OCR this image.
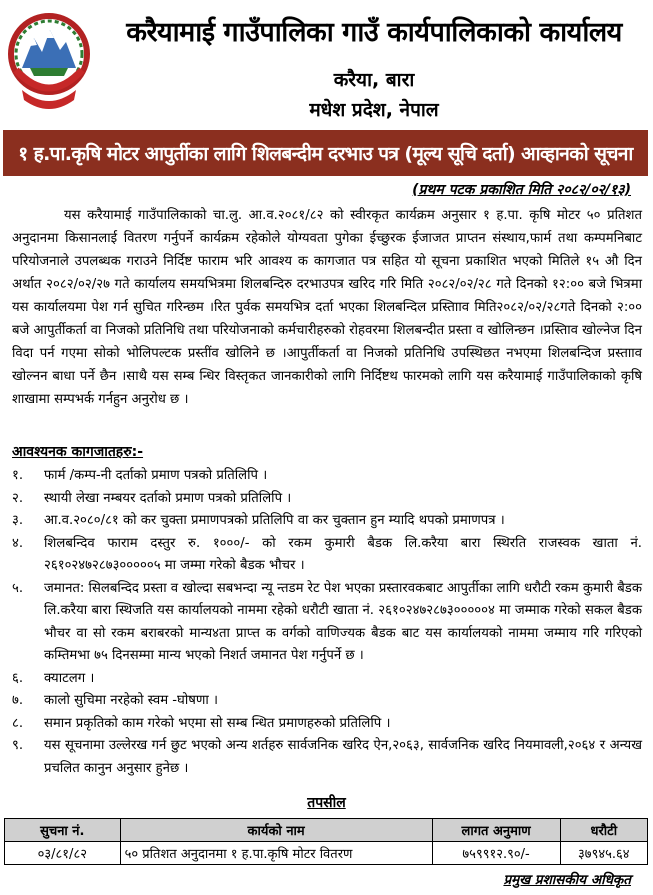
करैयामाई गाउँपालिका गाउँ कार्यपालिकाको कार्यालय
करैया, बारा
मधेश प्रदेश, नेपाल
१ ह.पा.कृषि मोटर आपुर्तीका लागि शिलबन्दीम दरभाउ पत्र (मूल्य सूचि दर्ता) आव्हानको सूचना
(प्रथम पटक प्रकाशित मिति २०८२/०२/१३)
यस करैयामाई गाउँपालिकाको चा.लु. आ.व.२०८१/८२ को स्वीरकृत कार्यक्रम अनुसार १ ह.पा. कृषि मोटर ५० प्रतिशत अनुदानमा किसानलाई वितरण गर्नुपर्ने कार्यक्रम रहेकोले योग्यवता पुगेका ईच्छुरक ईजाजत प्राप्तन संस्थाय,फार्म तथा कम्पमनिबाट परियोजनाले उपलब्धक गराउने निर्दिष्ट फाराम भरि आवश्य क कागजात पत्र सहित यो सूचना प्रकाशित भएको मितिले १५ औ दिन अर्थात २०८२/०२/२७ गते कार्यालय समयभित्रमा शिलबन्दिरु दरभाउपत्र खरिद गरि मिति २०८२/०२/२८ गते दिनको १२:०० बजे भित्रमा यस कार्यालयमा पेश गर्न सुचित गरिन्छम ।रित पुर्वक समयभित्र दर्ता भएका शिलबन्दिल प्रस्ताािव मिति२०८२/०२/२८गते दिनको २:०० बजे आपुर्तीकर्ता वा निजको प्रतिनिधि तथा परियोजनाको कर्मचारीहरुको रोहवरमा शिलबन्दीत प्रस्ता व खोलिन्छन ।प्रस्तािव खोल्नेज दिन विदा पर्न गएमा सोको भोलिपल्टक प्रस्तींव खोलिने छ ।आपुर्तीकर्ता वा निजको प्रतिनिधि उपस्थिछत नभएमा शिलबन्दिज प्रस्तााव खोल्नन बाधा पर्ने छैन ।साथै यस सम्ब न्धिर विस्तृकत जानकारीको लागि निर्दिष्टथ फारमको लागि यस करैयामाई गाउँपालिकाको कृषि शाखामा सम्पभर्क गर्नहुन अनुरोध छ ।
आवश्यनक कागजातहरु:-
१.	फार्म /कम्प-नी दर्ताको प्रमाण पत्रको प्रतिलिपि ।
२.	स्थायी लेखा नम्बयर दर्ताको प्रमाण पत्रको प्रतिलिपि ।
३.	आ.व.२०८०/८१ को कर चुक्ता प्रमाणपत्रको प्रतिलिपि वा कर चुक्तान हुन म्यादि थपको प्रमाणपत्र ।
४.	शिलबन्दिव फाराम दस्तुर रु. १०००/- को रकम कुमारी बैडक लि.करैया बारा स्थिरति राजस्वक खाता नं. २६१०२४७२८७३०००००५ मा जम्मा गरेको बैडक भौचर ।
५.	जमानत: सिलबन्दिद प्रस्ता व खोल्दा सबभन्दा न्यू न्तडम रेट पेश भएका प्रस्तारवकबाट आपुर्तीका लागि धरौटी रकम कुमारी बैडक लि.करैया बारा स्थिजति यस कार्यालयको नाममा रहेको धरौटी खाता नं. २६१०२४७२८७३०००००४ मा जम्माक गरेको सकल बैडक भौचर वा सो रकम बराबरको मान्य४ता प्राप्त्त क वर्गको वाणिज्यक बैडक बाट यस कार्यालयको नाममा जम्माय गरि गरिएको कम्तिमभा ७५ दिनसम्मा मान्य भएको निशर्त जमानत पेश गर्नुपर्ने छ ।
६.	क्याटलग ।
७.	कालो सुचिमा नरहेको स्वम -घोषणा ।
८.	समान प्रकृतिको काम गरेको भएमा सो सम्ब न्धित प्रमाणहरुको प्रतिलिपि ।
९.	यस सूचनामा उल्लेरख गर्न छुट भएको अन्य शर्तहरु सार्वजनिक खरिद ऐन,२०६३, सार्वजनिक खरिद नियमावली,२०६४ र अन्यख प्रचलित कानुन अनुसार हुनेछ ।
तपसील
सुचना नं.	कार्यको नाम	लागत अनुमाण	धरौटी
०३/८१/८२	५० प्रतिशत अनुदानमा १ ह.पा.कृषि मोटर वितरण	७५९९१२.९०/-	३७९४५.६४
प्रमुख प्रशासकीय अधिकृत
